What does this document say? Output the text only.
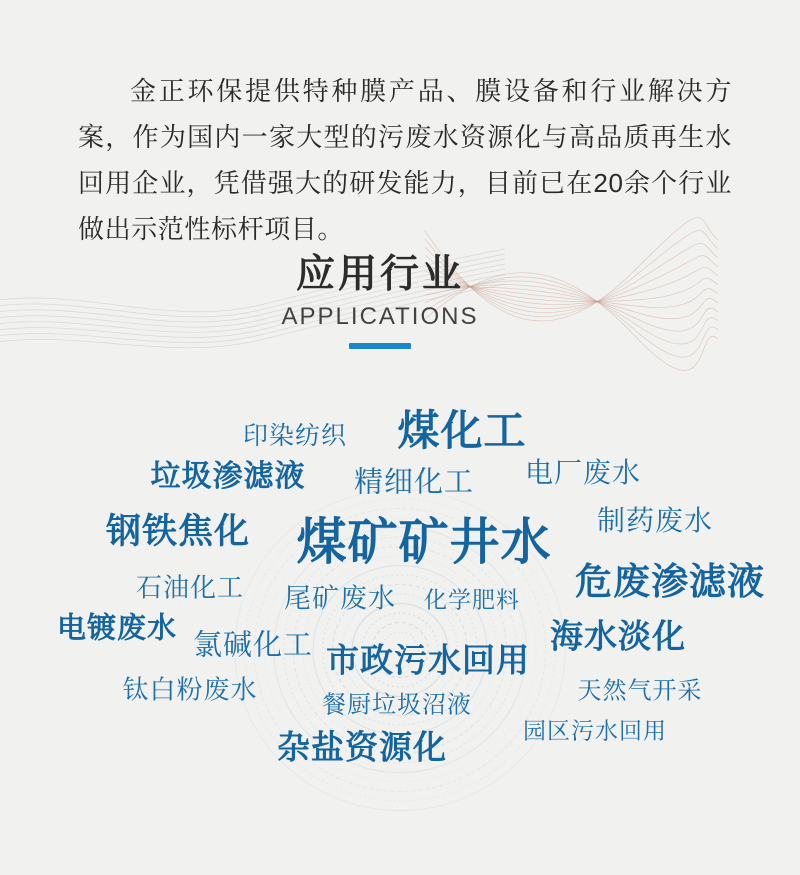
金正环保提供特种膜产品、膜设备和行业解决方案，作为国内一家大型的污废水资源化与高品质再生水回用企业，凭借强大的研发能力，目前已在20余个行业做出示范性标杆项目。

应用行业
APPLICATIONS
印染纺织 煤化工
垃圾渗滤液 精细化工 电厂废水
钢铁焦化 煤矿矿井水 制药废水
危废渗滤液
石油化工 尾矿废水 化学肥料
电镀废水
氯碱化工	海水淡化
市政污水回用
钛白粉废水
餐厨垃圾沼液
天然气开采
园区污水回用
杂盐资源化
